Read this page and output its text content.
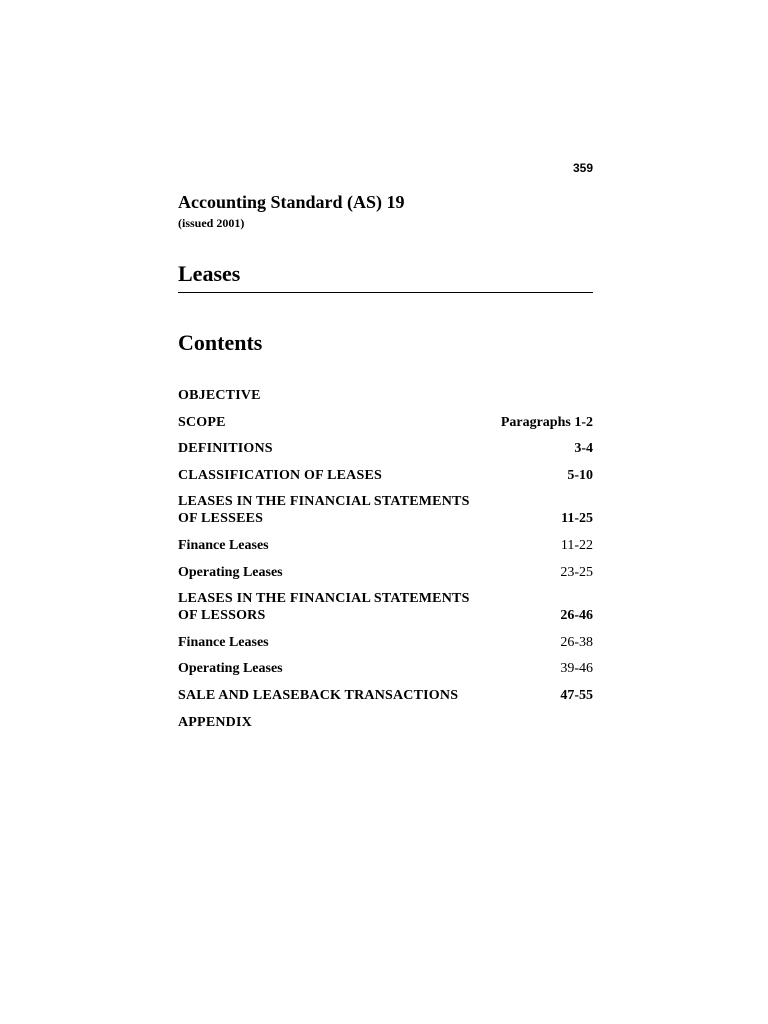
359
Accounting Standard (AS) 19
(issued 2001)
Leases
Contents
OBJECTIVE
SCOPE	Paragraphs 1-2
DEFINITIONS	3-4
CLASSIFICATION OF LEASES	5-10
LEASES IN THE FINANCIAL STATEMENTS
OF LESSEES	11-25
Finance Leases	11-22
Operating Leases	23-25
LEASES IN THE FINANCIAL STATEMENTS
OF LESSORS	26-46
Finance Leases	26-38
Operating Leases	39-46
SALE AND LEASEBACK TRANSACTIONS	47-55
APPENDIX
